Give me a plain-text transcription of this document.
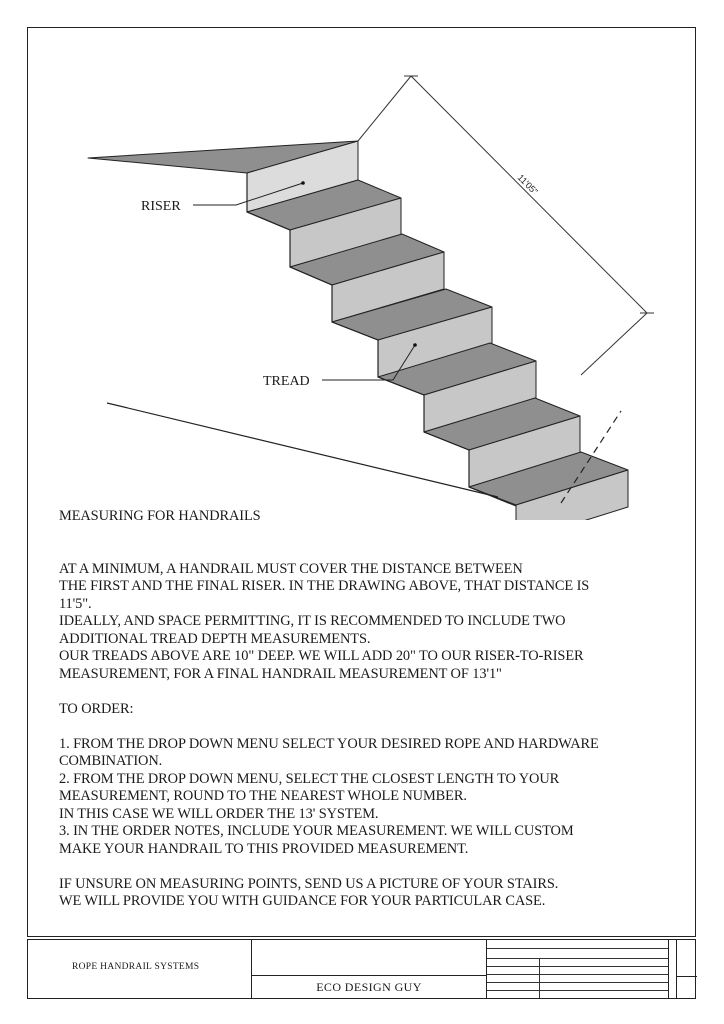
11'05"
RISER
TREAD

MEASURING FOR HANDRAILS

AT A MINIMUM, A HANDRAIL MUST COVER THE DISTANCE BETWEEN
THE FIRST AND THE FINAL RISER. IN THE DRAWING ABOVE, THAT DISTANCE IS
11'5".
IDEALLY, AND SPACE PERMITTING, IT IS RECOMMENDED TO INCLUDE TWO
ADDITIONAL TREAD DEPTH MEASUREMENTS.
OUR TREADS ABOVE ARE 10" DEEP. WE WILL ADD 20" TO OUR RISER-TO-RISER
MEASUREMENT, FOR A FINAL HANDRAIL MEASUREMENT OF 13'1"

TO ORDER:

1. FROM THE DROP DOWN MENU SELECT YOUR DESIRED ROPE AND HARDWARE
COMBINATION.
2. FROM THE DROP DOWN MENU, SELECT THE CLOSEST LENGTH TO YOUR
MEASUREMENT, ROUND TO THE NEAREST WHOLE NUMBER.
IN THIS CASE WE WILL ORDER THE 13' SYSTEM.
3. IN THE ORDER NOTES, INCLUDE YOUR MEASUREMENT. WE WILL CUSTOM
MAKE YOUR HANDRAIL TO THIS PROVIDED MEASUREMENT.

IF UNSURE ON MEASURING POINTS, SEND US A PICTURE OF YOUR STAIRS.
WE WILL PROVIDE YOU WITH GUIDANCE FOR YOUR PARTICULAR CASE.

ROPE HANDRAIL SYSTEMS
ECO DESIGN GUY
